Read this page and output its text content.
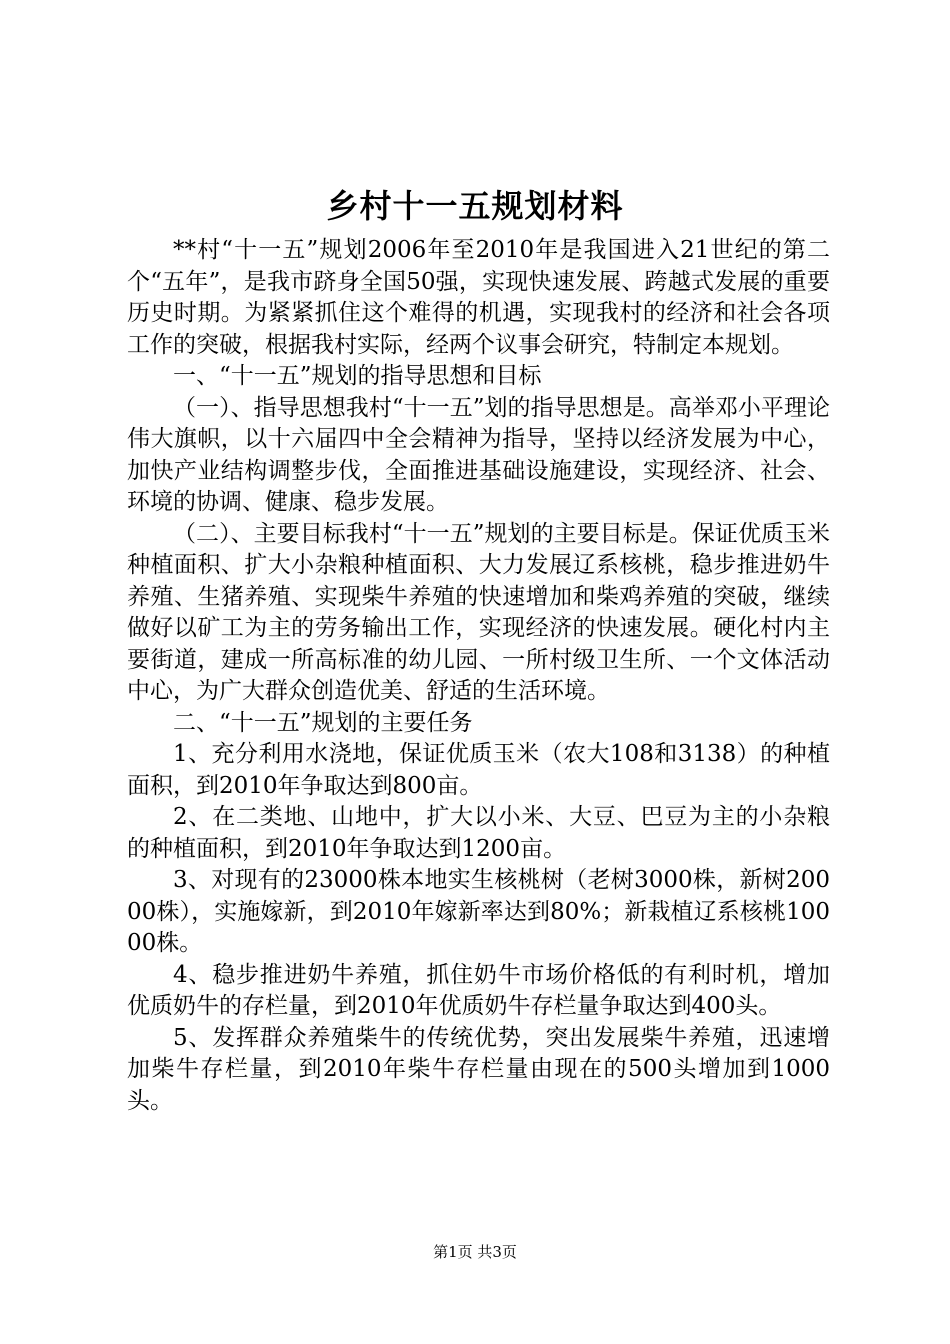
乡村十一五规划材料

**村“十一五”规划2006年至2010年是我国进入21世纪的第二个“五年”，是我市跻身全国50强，实现快速发展、跨越式发展的重要历史时期。为紧紧抓住这个难得的机遇，实现我村的经济和社会各项工作的突破，根据我村实际，经两个议事会研究，特制定本规划。

一、“十一五”规划的指导思想和目标

（一）、指导思想我村“十一五”划的指导思想是。高举邓小平理论伟大旗帜，以十六届四中全会精神为指导，坚持以经济发展为中心，加快产业结构调整步伐，全面推进基础设施建设，实现经济、社会、环境的协调、健康、稳步发展。

（二）、主要目标我村“十一五”规划的主要目标是。保证优质玉米种植面积、扩大小杂粮种植面积、大力发展辽系核桃，稳步推进奶牛养殖、生猪养殖、实现柴牛养殖的快速增加和柴鸡养殖的突破，继续做好以矿工为主的劳务输出工作，实现经济的快速发展。硬化村内主要街道，建成一所高标准的幼儿园、一所村级卫生所、一个文体活动中心，为广大群众创造优美、舒适的生活环境。

二、“十一五”规划的主要任务

1、充分利用水浇地，保证优质玉米（农大108和3138）的种植面积，到2010年争取达到800亩。

2、在二类地、山地中，扩大以小米、大豆、巴豆为主的小杂粮的种植面积，到2010年争取达到1200亩。

3、对现有的23000株本地实生核桃树（老树3000株，新树20000株），实施嫁新，到2010年嫁新率达到80%；新栽植辽系核桃10000株。

4、稳步推进奶牛养殖，抓住奶牛市场价格低的有利时机，增加优质奶牛的存栏量，到2010年优质奶牛存栏量争取达到400头。

5、发挥群众养殖柴牛的传统优势，突出发展柴牛养殖，迅速增加柴牛存栏量，到2010年柴牛存栏量由现在的500头增加到1000头。

第1页 共3页
